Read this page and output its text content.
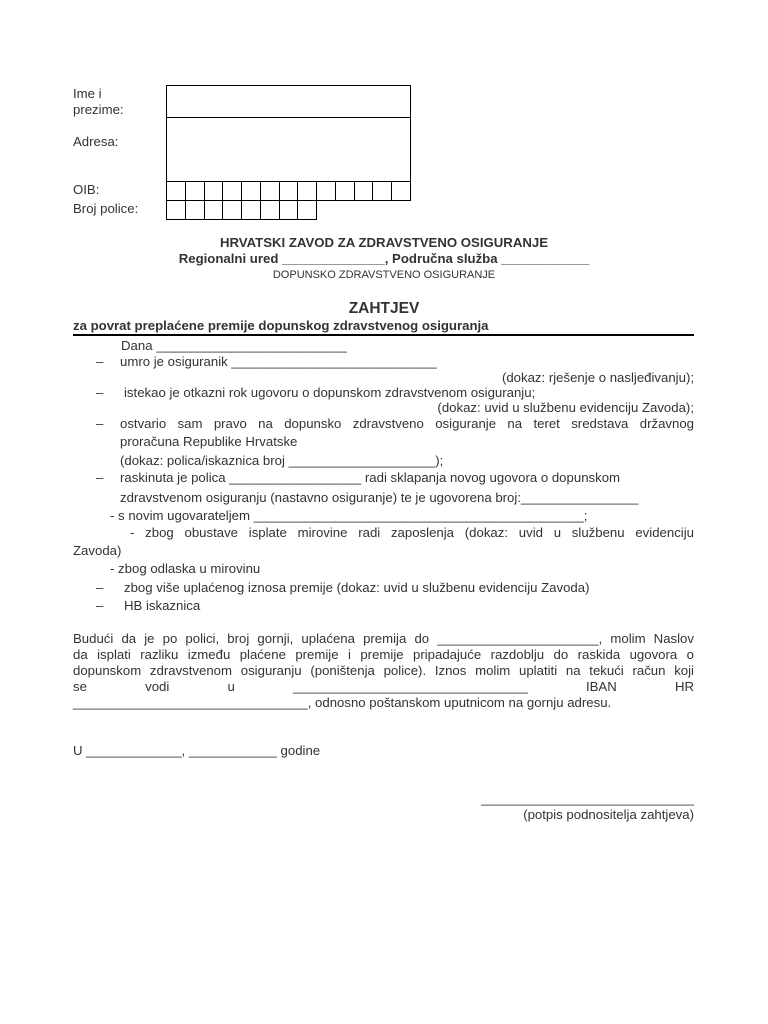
Ime i
prezime:
Adresa:
OIB:
Broj police:
HRVATSKI ZAVOD ZA ZDRAVSTVENO OSIGURANJE
Regionalni ured ______________, Područna služba ____________
DOPUNSKO ZDRAVSTVENO OSIGURANJE
ZAHTJEV
za povrat preplaćene premije dopunskog zdravstvenog osiguranja
Dana __________________________
– umro je osiguranik ____________________________
(dokaz: rješenje o nasljeđivanju);
– istekao je otkazni rok ugovoru o dopunskom zdravstvenom osiguranju;
(dokaz: uvid u službenu evidenciju Zavoda);
– ostvario sam pravo na dopunsko zdravstveno osiguranje na teret sredstava državnog
proračuna Republike Hrvatske
(dokaz: polica/iskaznica broj ____________________);
– raskinuta je polica __________________ radi sklapanja novog ugovora o dopunskom
zdravstvenom osiguranju (nastavno osiguranje) te je ugovorena broj:________________
- s novim ugovarateljem _____________________________________________;
- zbog obustave isplate mirovine radi zaposlenja (dokaz: uvid u službenu evidenciju
Zavoda)
- zbog odlaska u mirovinu
– zbog više uplaćenog iznosa premije (dokaz: uvid u službenu evidenciju Zavoda)
– HB iskaznica
Budući da je po polici, broj gornji, uplaćena premija do ______________________, molim Naslov
da isplati razliku između plaćene premije i premije pripadajuće razdoblju do raskida ugovora o
dopunskom zdravstvenom osiguranju (poništenja police). Iznos molim uplatiti na tekući račun koji
se vodi u ________________________________ IBAN HR
________________________________, odnosno poštanskom uputnicom na gornju adresu.
U _____________, ____________ godine
_____________________________
(potpis podnositelja zahtjeva)
